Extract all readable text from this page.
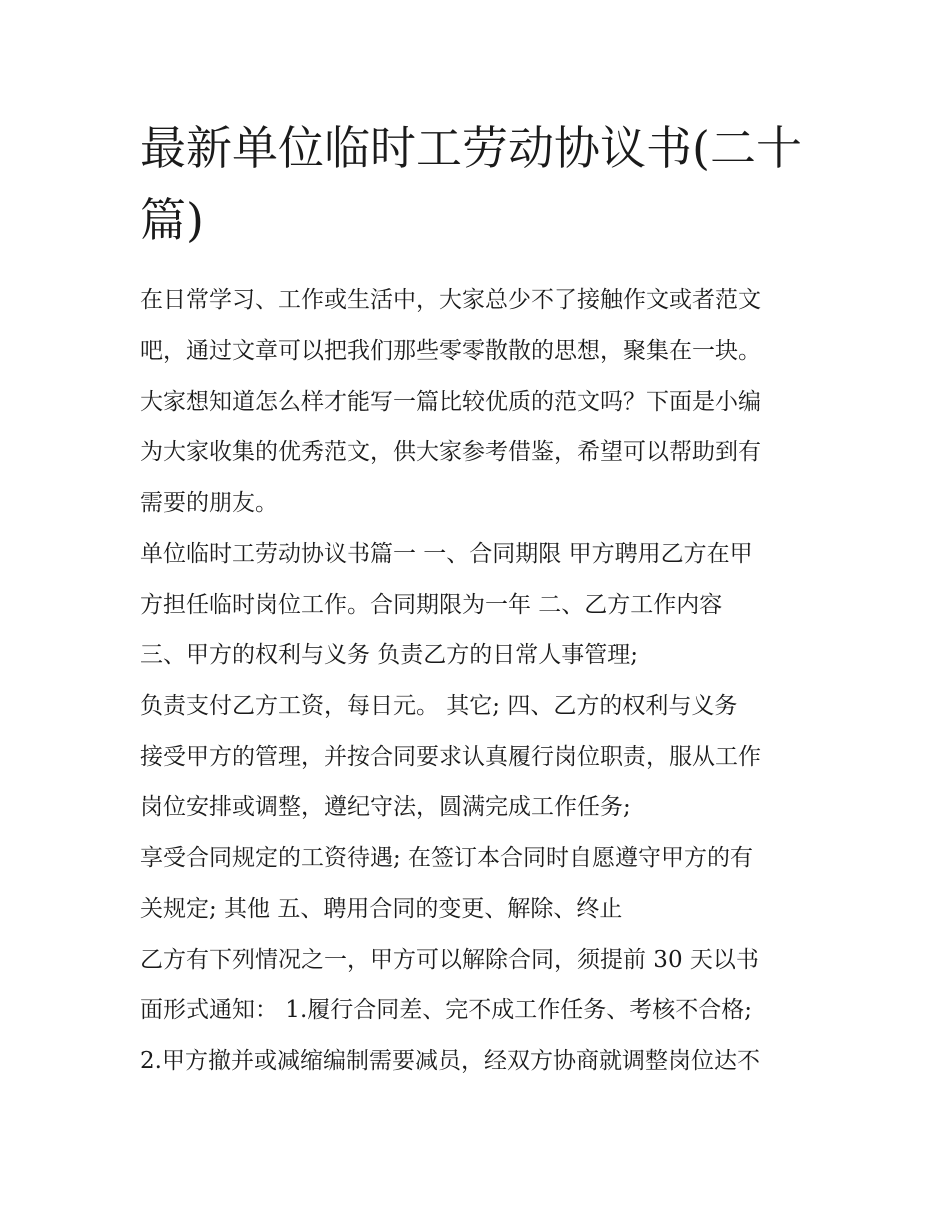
最新单位临时工劳动协议书(二十篇)

在日常学习、工作或生活中，大家总少不了接触作文或者范文

吧，通过文章可以把我们那些零零散散的思想，聚集在一块。

大家想知道怎么样才能写一篇比较优质的范文吗？下面是小编

为大家收集的优秀范文，供大家参考借鉴，希望可以帮助到有

需要的朋友。

单位临时工劳动协议书篇一 一、合同期限 甲方聘用乙方在甲

方担任临时岗位工作。合同期限为一年 二、乙方工作内容

三、甲方的权利与义务 负责乙方的日常人事管理;

负责支付乙方工资，每日元。 其它; 四、乙方的权利与义务

接受甲方的管理，并按合同要求认真履行岗位职责，服从工作

岗位安排或调整，遵纪守法，圆满完成工作任务;

享受合同规定的工资待遇; 在签订本合同时自愿遵守甲方的有

关规定; 其他 五、聘用合同的变更、解除、终止

乙方有下列情况之一，甲方可以解除合同，须提前 30 天以书

面形式通知： 1.履行合同差、完不成工作任务、考核不合格;

2.甲方撤并或减缩编制需要减员，经双方协商就调整岗位达不
